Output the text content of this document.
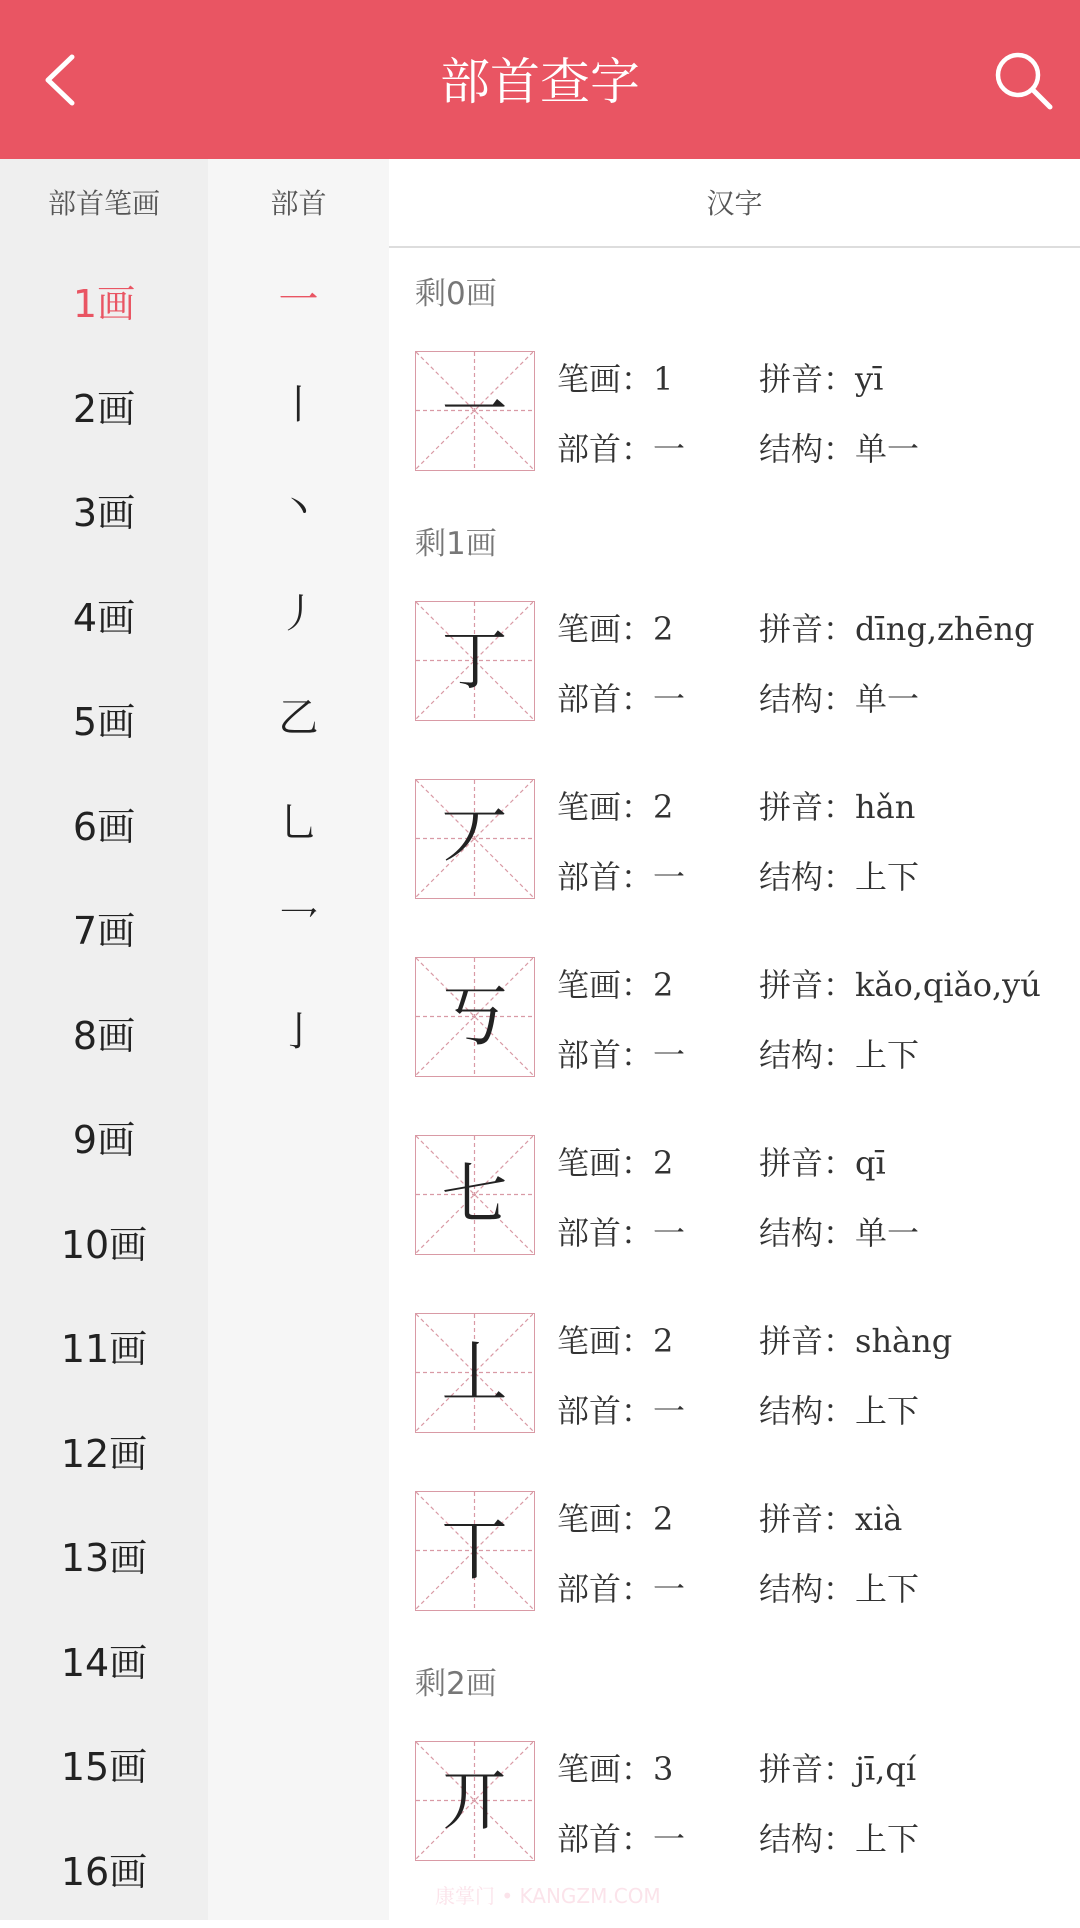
部首查字
部首笔画	部首	汉字
1画
2画
3画
4画
5画
6画
7画
8画
9画
10画
11画
12画
13画
14画
15画
16画
一
丨
丶
丿
乙
乚
乛
亅
剩0画
一	笔画：1	拼音：yī
部首：一 结构：单一
剩1画
丁	笔画：2	拼音：dīng,zhēng
部首：一 结构：单一
丆	笔画：2	拼音：hǎn
部首：一 结构：上下
丂	笔画：2	拼音：kǎo,qiǎo,yú
部首：一 结构：上下
七	笔画：2	拼音：qī
部首：一 结构：单一
丄	笔画：2	拼音：shàng
部首：一 结构：上下
丅	笔画：2	拼音：xià
部首：一 结构：上下
剩2画
丌	笔画：3	拼音：jī,qí
部首：一 结构：上下
康掌门 • KANGZM.COM
